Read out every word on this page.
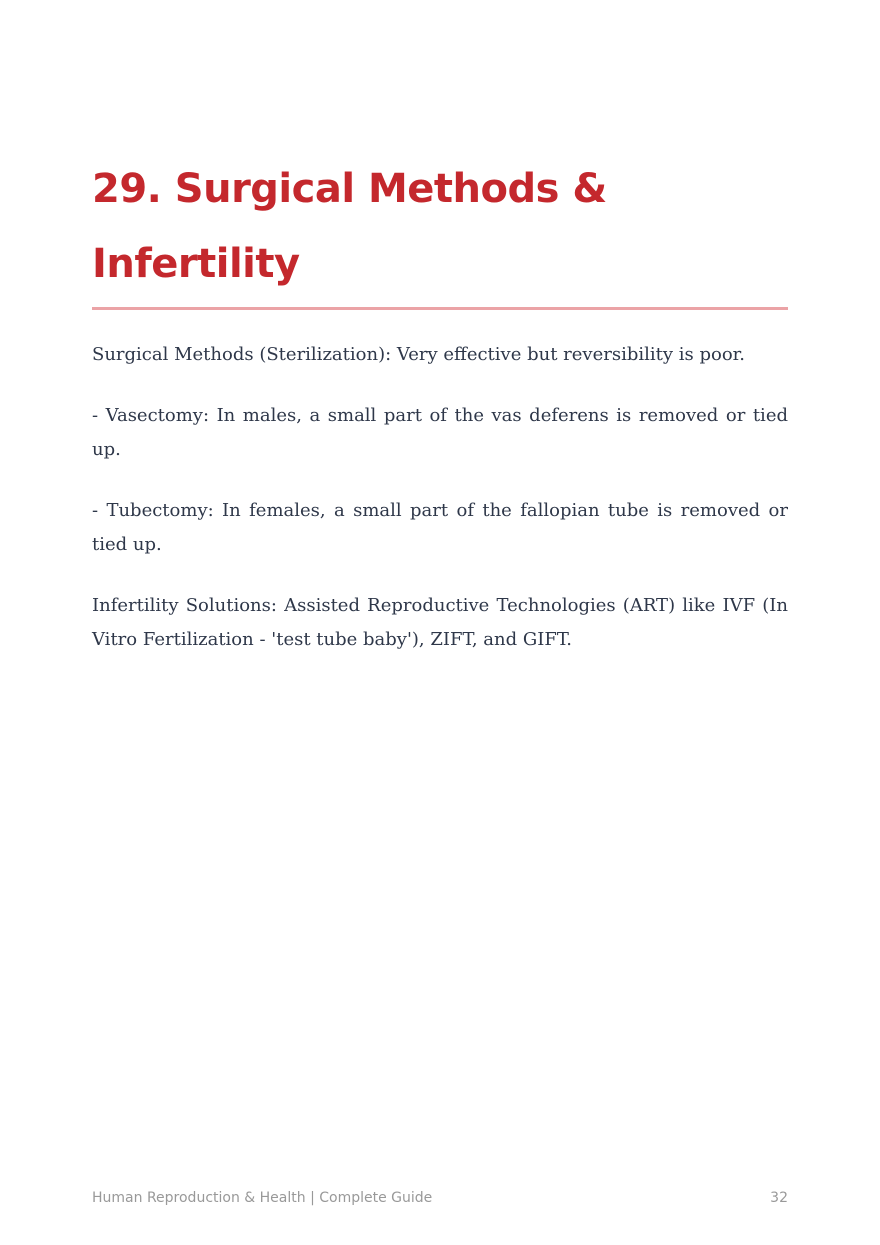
29. Surgical Methods & Infertility

Surgical Methods (Sterilization): Very effective but reversibility is poor.

- Vasectomy: In males, a small part of the vas deferens is removed or tied up.

- Tubectomy: In females, a small part of the fallopian tube is removed or tied up.

Infertility Solutions: Assisted Reproductive Technologies (ART) like IVF (In Vitro Fertilization - 'test tube baby'), ZIFT, and GIFT.

Human Reproduction & Health | Complete Guide	32
